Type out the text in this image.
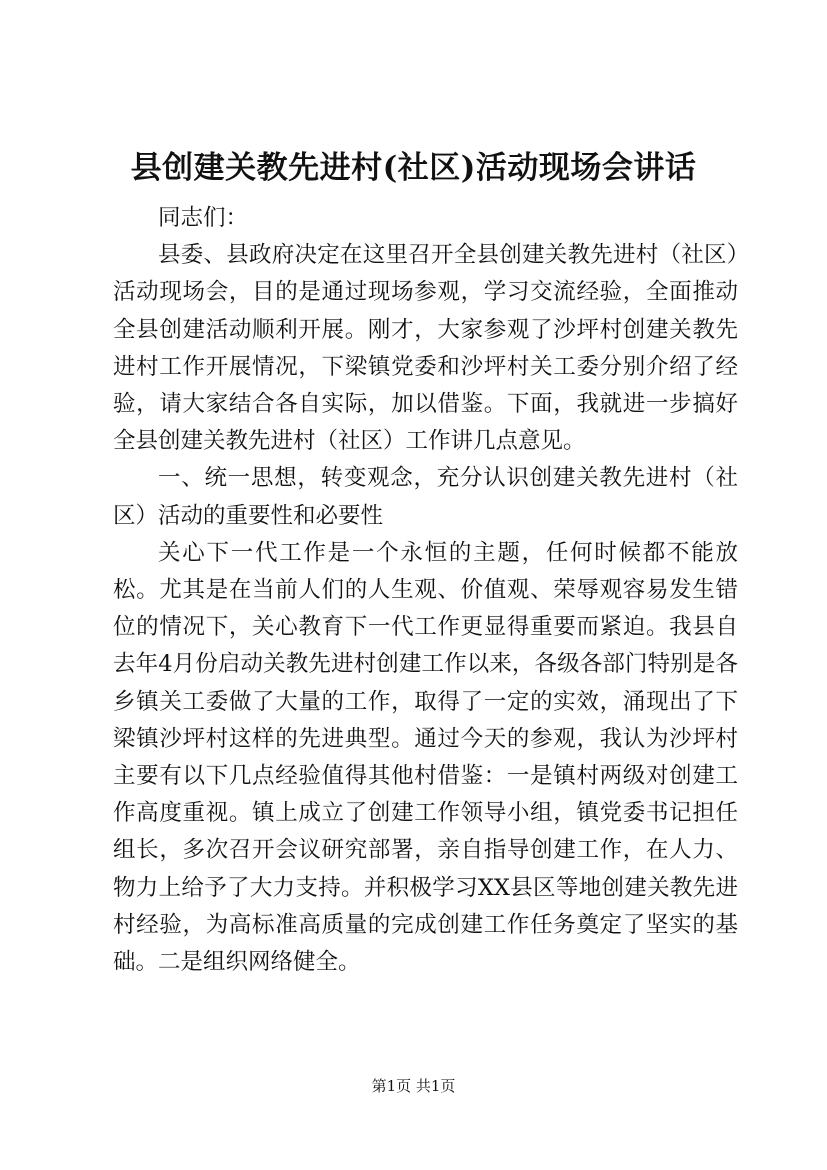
县创建关教先进村(社区)活动现场会讲话

同志们：

县委、县政府决定在这里召开全县创建关教先进村（社区）活动现场会，目的是通过现场参观，学习交流经验，全面推动全县创建活动顺利开展。刚才，大家参观了沙坪村创建关教先进村工作开展情况，下梁镇党委和沙坪村关工委分别介绍了经验，请大家结合各自实际，加以借鉴。下面，我就进一步搞好全县创建关教先进村（社区）工作讲几点意见。

一、统一思想，转变观念，充分认识创建关教先进村（社区）活动的重要性和必要性

关心下一代工作是一个永恒的主题，任何时候都不能放松。尤其是在当前人们的人生观、价值观、荣辱观容易发生错位的情况下，关心教育下一代工作更显得重要而紧迫。我县自去年4月份启动关教先进村创建工作以来，各级各部门特别是各乡镇关工委做了大量的工作，取得了一定的实效，涌现出了下梁镇沙坪村这样的先进典型。通过今天的参观，我认为沙坪村主要有以下几点经验值得其他村借鉴：一是镇村两级对创建工作高度重视。镇上成立了创建工作领导小组，镇党委书记担任组长，多次召开会议研究部署，亲自指导创建工作，在人力、物力上给予了大力支持。并积极学习XX县区等地创建关教先进村经验，为高标准高质量的完成创建工作任务奠定了坚实的基础。二是组织网络健全。

第1页 共1页
